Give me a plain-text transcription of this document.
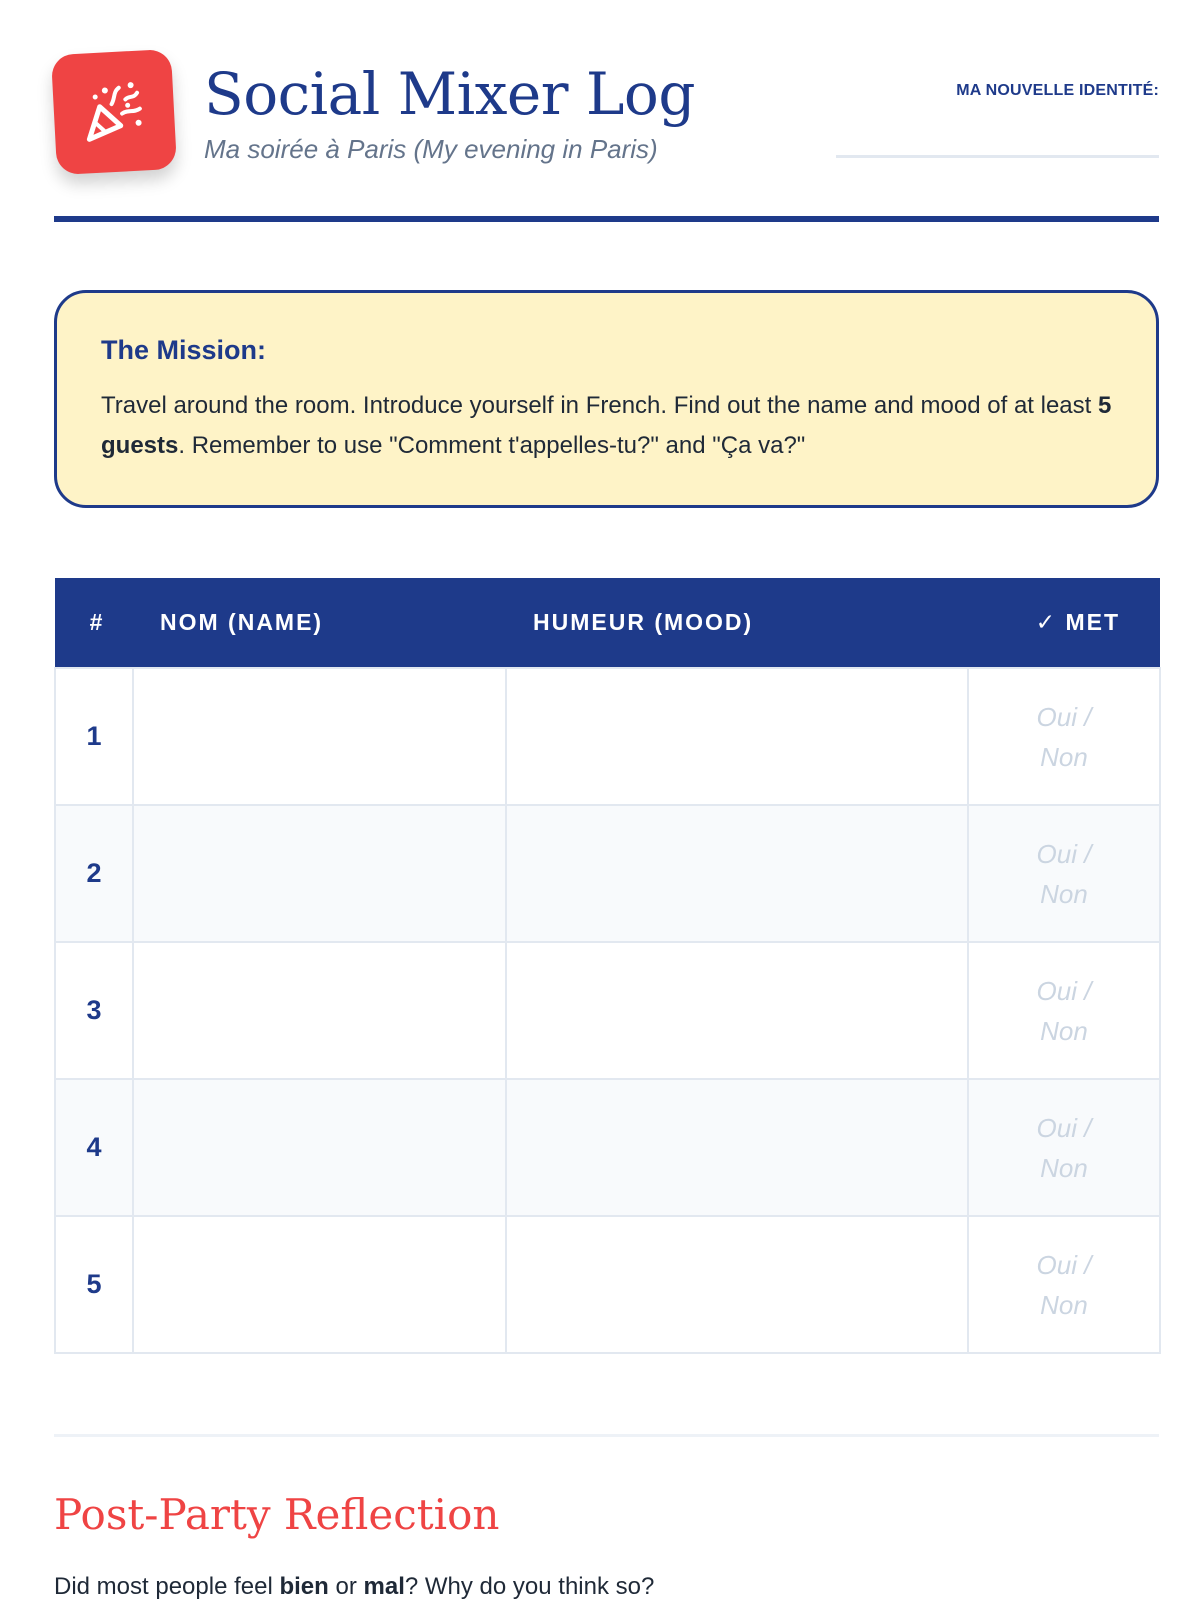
Social Mixer Log
Ma soirée à Paris (My evening in Paris)
MA NOUVELLE IDENTITÉ:
The Mission:

Travel around the room. Introduce yourself in French. Find out the name and mood of at least 5 guests. Remember to use "Comment t'appelles-tu?" and "Ça va?"

#	NOM (NAME)	HUMEUR (MOOD)	✓ MET
1			Oui / Non
2			Oui / Non
3			Oui / Non
4			Oui / Non
5			Oui / Non
Post-Party Reflection

Did most people feel bien or mal? Why do you think so?
